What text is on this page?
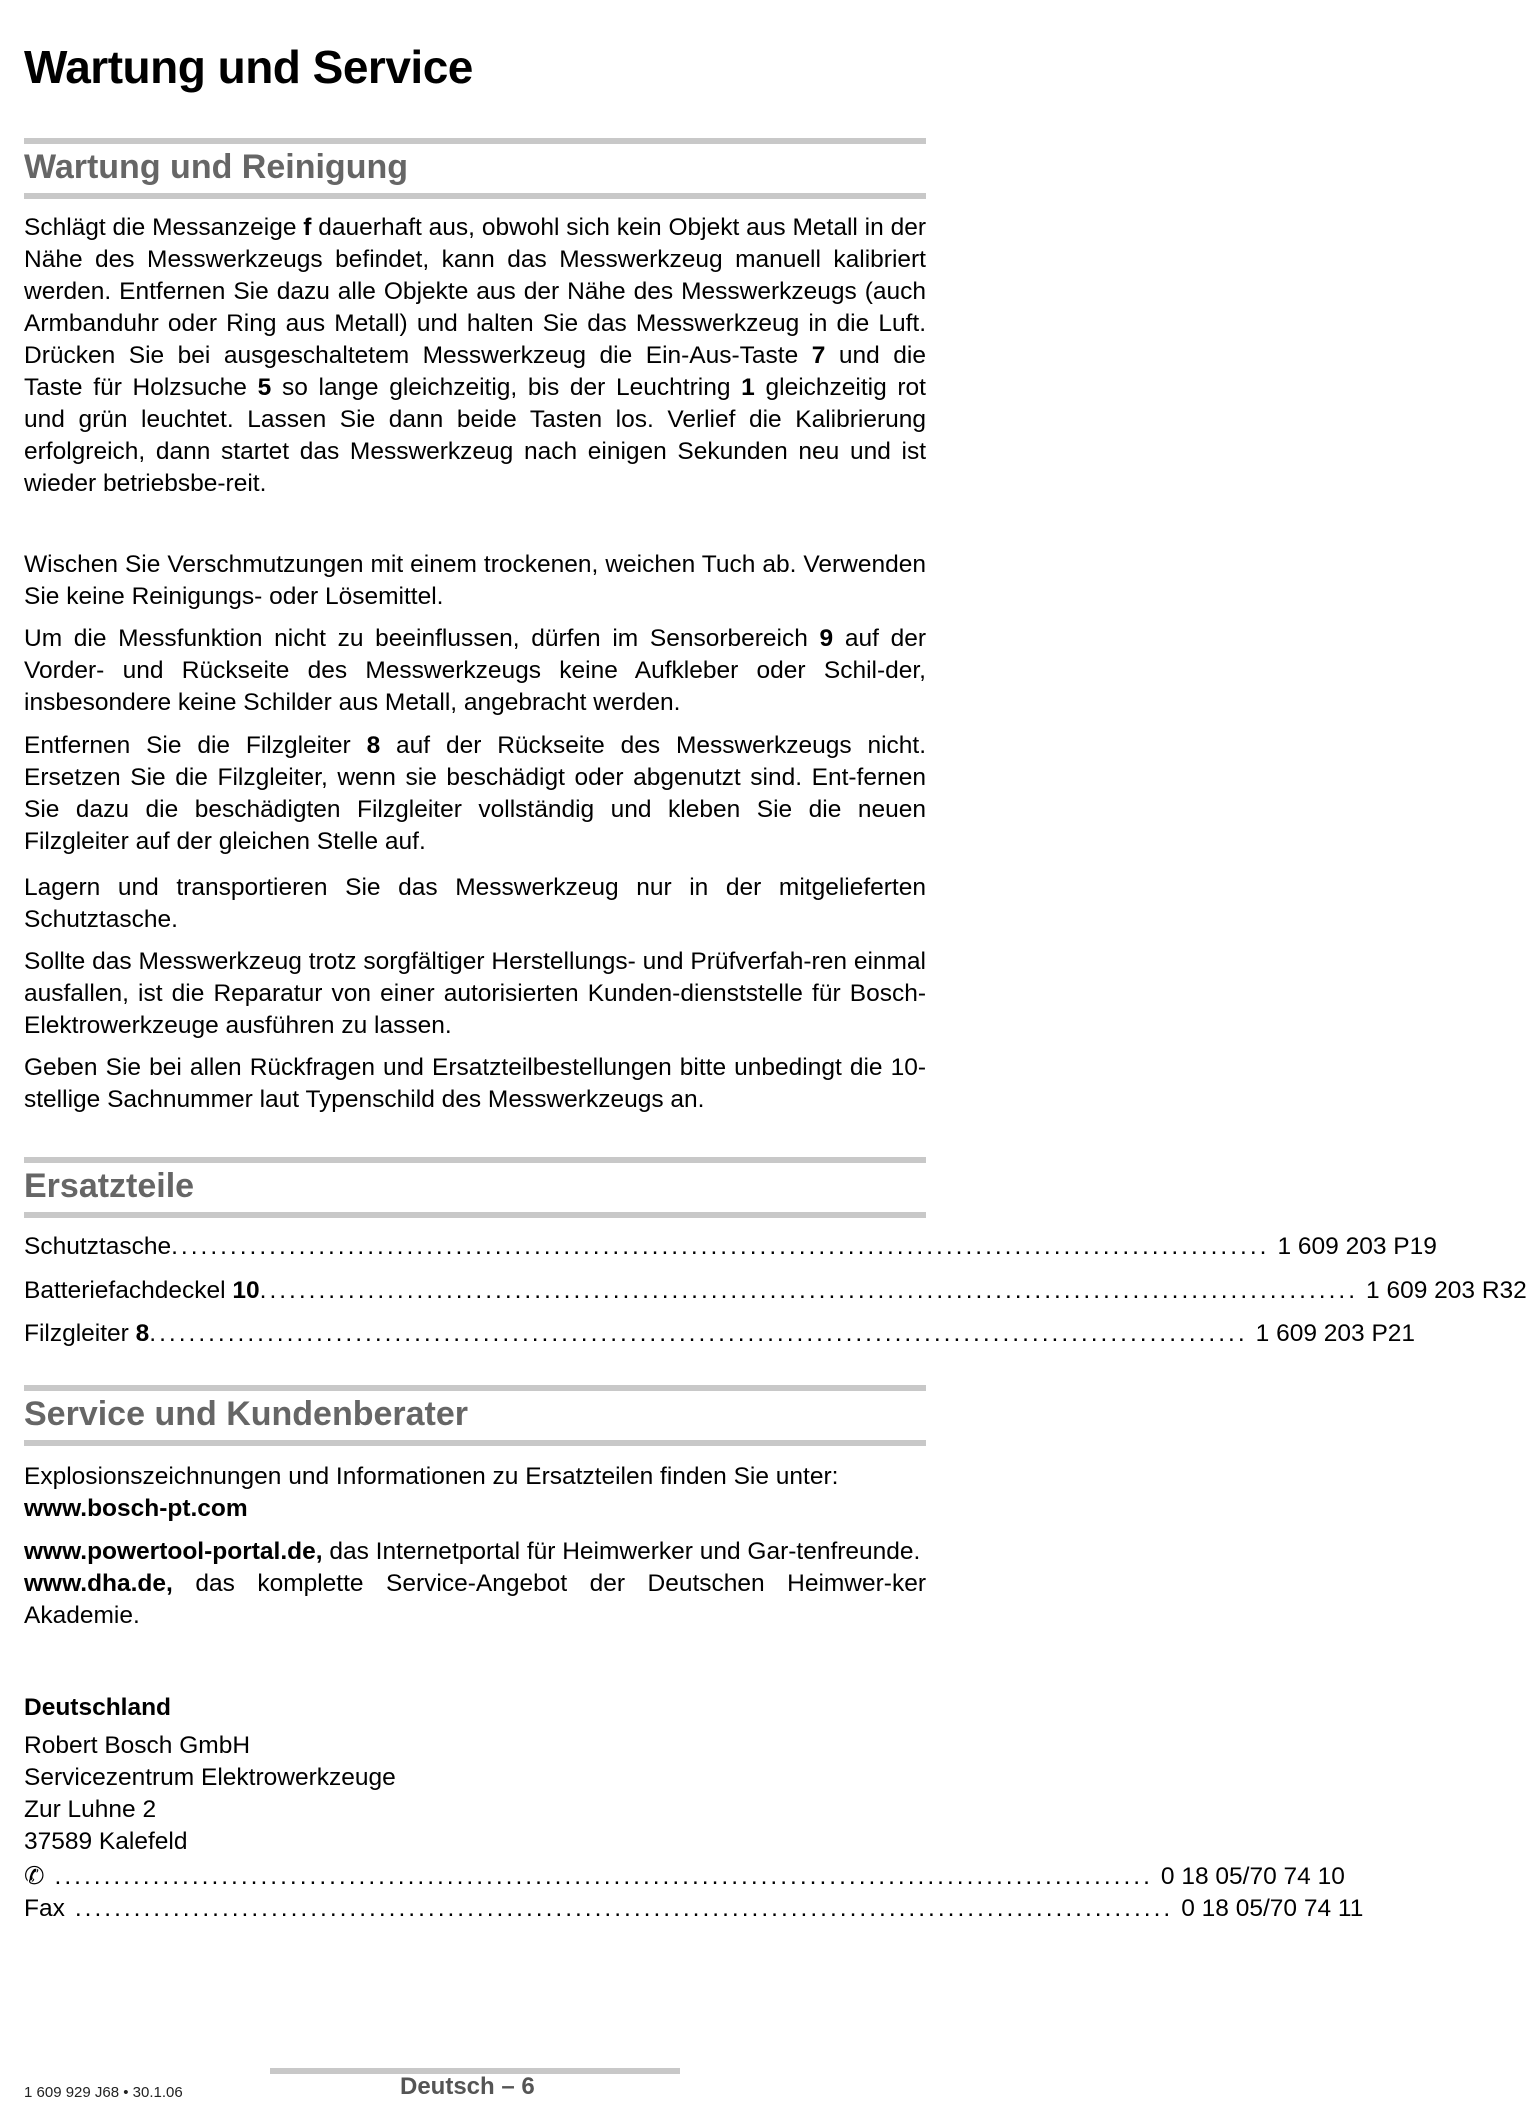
Wartung und Service
Wartung und Reinigung

Schlägt die Messanzeige f dauerhaft aus, obwohl sich kein Objekt aus Metall in der Nähe des Messwerkzeugs befindet, kann das Messwerkzeug manuell kalibriert werden. Entfernen Sie dazu alle Objekte aus der Nähe des Messwerkzeugs (auch Armbanduhr oder Ring aus Metall) und halten Sie das Messwerkzeug in die Luft. Drücken Sie bei ausgeschaltetem Messwerkzeug die Ein-Aus-Taste 7 und die Taste für Holzsuche 5 so lange gleichzeitig, bis der Leuchtring 1 gleichzeitig rot und grün leuchtet. Lassen Sie dann beide Tasten los. Verlief die Kalibrierung erfolgreich, dann startet das Messwerkzeug nach einigen Sekunden neu und ist wieder betriebsbe-reit.

Wischen Sie Verschmutzungen mit einem trockenen, weichen Tuch ab. Verwenden Sie keine Reinigungs- oder Lösemittel.

Um die Messfunktion nicht zu beeinflussen, dürfen im Sensorbereich 9 auf der Vorder- und Rückseite des Messwerkzeugs keine Aufkleber oder Schil-der, insbesondere keine Schilder aus Metall, angebracht werden.

Entfernen Sie die Filzgleiter 8 auf der Rückseite des Messwerkzeugs nicht. Ersetzen Sie die Filzgleiter, wenn sie beschädigt oder abgenutzt sind. Ent-fernen Sie dazu die beschädigten Filzgleiter vollständig und kleben Sie die neuen Filzgleiter auf der gleichen Stelle auf.

Lagern und transportieren Sie das Messwerkzeug nur in der mitgelieferten Schutztasche.

Sollte das Messwerkzeug trotz sorgfältiger Herstellungs- und Prüfverfah-ren einmal ausfallen, ist die Reparatur von einer autorisierten Kunden-dienststelle für Bosch-Elektrowerkzeuge ausführen zu lassen.

Geben Sie bei allen Rückfragen und Ersatzteilbestellungen bitte unbedingt die 10-stellige Sachnummer laut Typenschild des Messwerkzeugs an.

Ersatzteile
Schutztasche ................................................................................................................ 1 609 203 P19
Batteriefachdeckel 10 ................................................................................................................ 1 609 203 R32
Filzgleiter 8 ................................................................................................................ 1 609 203 P21
Service und Kundenberater

Explosionszeichnungen und Informationen zu Ersatzteilen finden Sie unter:
www.bosch-pt.com

www.powertool-portal.de, das Internetportal für Heimwerker und Gar-tenfreunde.
www.dha.de, das komplette Service-Angebot der Deutschen Heimwer-ker Akademie.

Deutschland
Robert Bosch GmbH
Servicezentrum Elektrowerkzeuge
Zur Luhne 2
37589 Kalefeld
✆ ................................................................................................................ 0 18 05/70 74 10
Fax ................................................................................................................ 0 18 05/70 74 11
1 609 929 J68 • 30.1.06	Deutsch – 6
